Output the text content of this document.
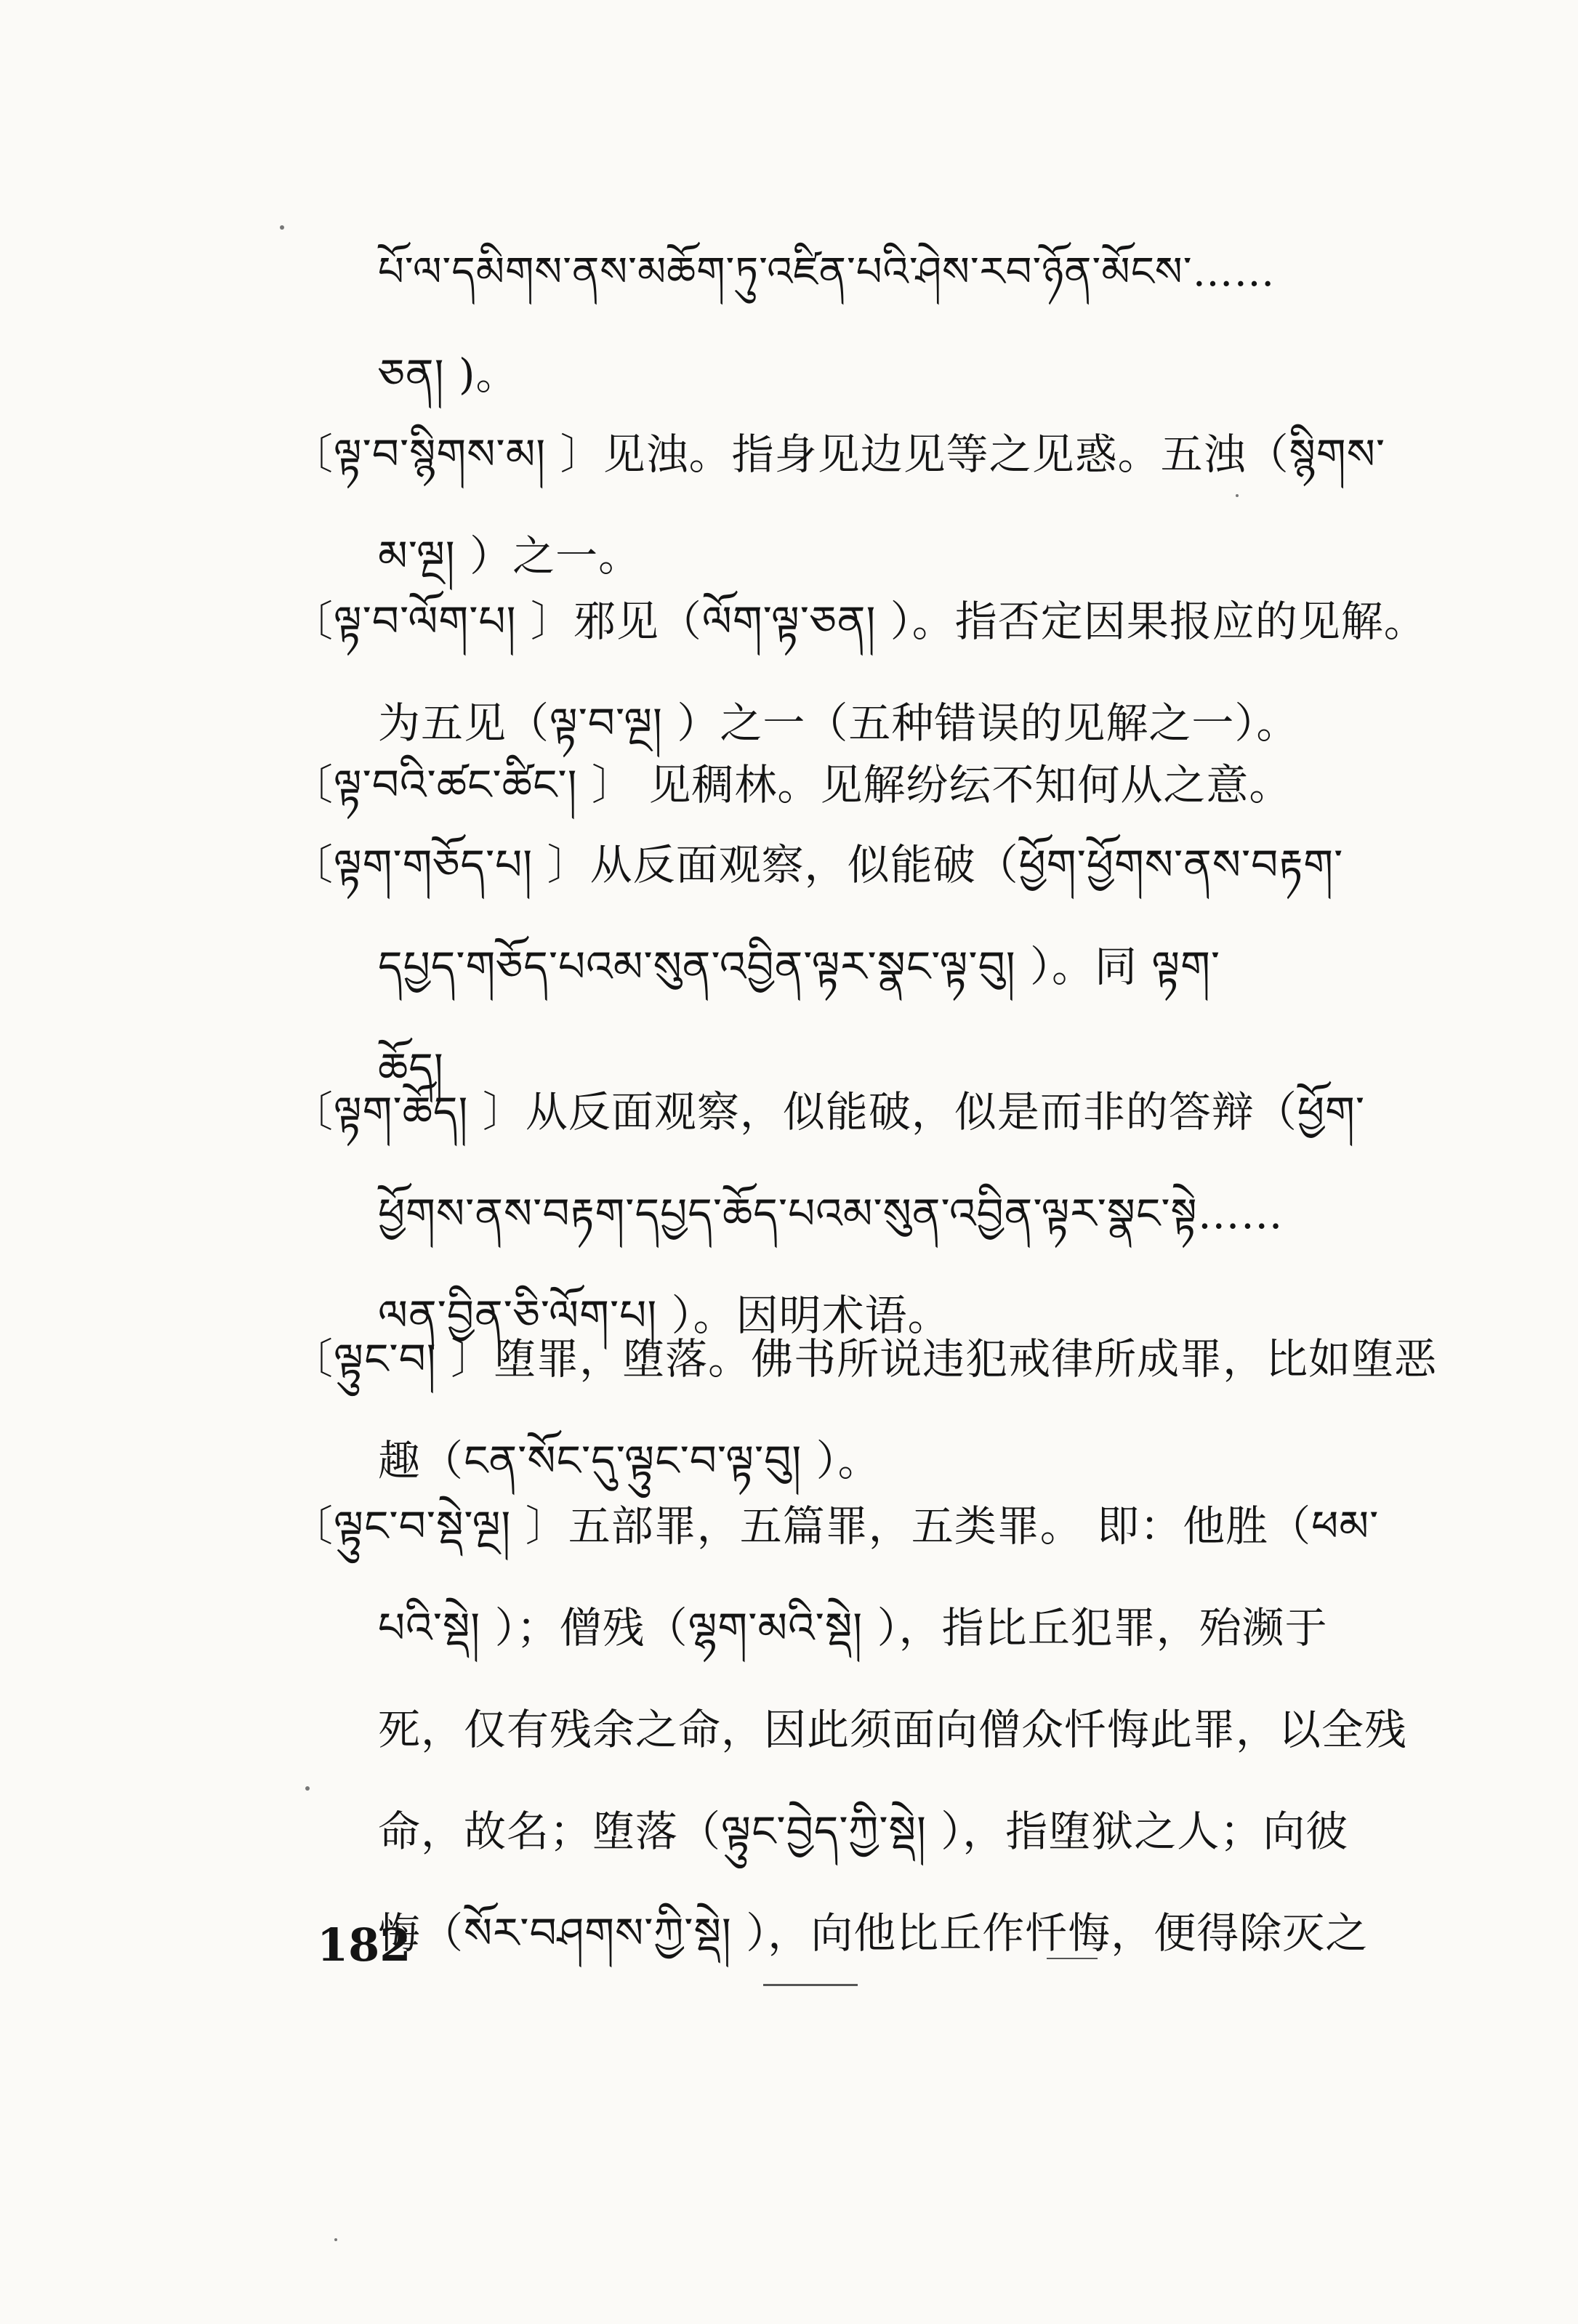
པོ་ལ་དམིགས་ནས་མཆོག་ཏུ་འཛིན་པའི་ཤེས་རབ་ཉོན་མོངས་……
ཅན། )。
〔ལྟ་བ་སྙིགས་མ། 〕见浊。指身见边见等之见惑。五浊（སྙིགས་
མ་ལྔ། ）之一。
〔ལྟ་བ་ལོག་པ། 〕邪见（ལོག་ལྟ་ཅན། ）。指否定因果报应的见解。
为五见（ལྟ་བ་ལྔ། ）之一（五种错误的见解之一）。
〔ལྟ་བའི་ཚང་ཚིང་། 〕 见稠林。见解纷纭不知何从之意。
〔ལྟག་གཅོད་པ། 〕从反面观察，似能破（ཕྱོག་ཕྱོགས་ནས་བརྟག་
དཔྱད་གཅོད་པའམ་སུན་འབྱིན་ལྟར་སྣང་ལྟ་བུ། ）。同 ལྟག་
ཆོད།
〔ལྟག་ཆོད། 〕从反面观察，似能破，似是而非的答辩（ཕྱོག་
ཕྱོགས་ནས་བརྟག་དཔྱད་ཆོད་པའམ་སུན་འབྱིན་ལྟར་སྣང་སྟེ……
ལན་བྱིན་ཅི་ལོག་པ། ）。因明术语。
〔ལྟུང་བ། 〕堕罪，堕落。佛书所说违犯戒律所成罪，比如堕恶
趣（ངན་སོང་དུ་ལྟུང་བ་ལྟ་བུ། ）。
〔ལྟུང་བ་སྡེ་ལྔ། 〕五部罪，五篇罪，五类罪。 即：他胜（ཕམ་
པའི་སྡེ། ）；僧残（ལྷག་མའི་སྡེ། ），指比丘犯罪，殆濒于
死，仅有残余之命，因此须面向僧众忏悔此罪，以全残
命，故名；堕落（ལྟུང་བྱེད་ཀྱི་སྡེ། ），指堕狱之人；向彼
悔（སོར་བཤགས་ཀྱི་སྡེ། ），向他比丘作忏悔，便得除灭之
182
